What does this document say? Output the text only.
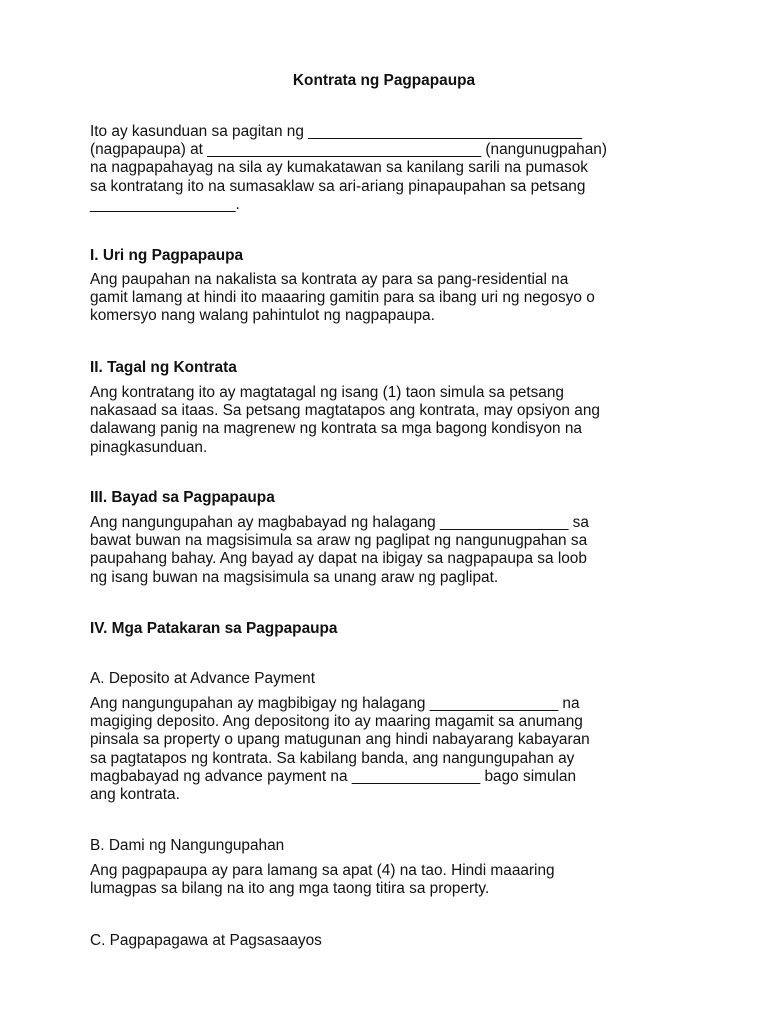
Kontrata ng Pagpapaupa
Ito ay kasunduan sa pagitan ng ________________________________
(nagpapaupa) at ________________________________ (nangunugpahan)
na nagpapahayag na sila ay kumakatawan sa kanilang sarili na pumasok
sa kontratang ito na sumasaklaw sa ari-ariang pinapaupahan sa petsang
_________________.
I. Uri ng Pagpapaupa
Ang paupahan na nakalista sa kontrata ay para sa pang-residential na
gamit lamang at hindi ito maaaring gamitin para sa ibang uri ng negosyo o
komersyo nang walang pahintulot ng nagpapaupa.
II. Tagal ng Kontrata
Ang kontratang ito ay magtatagal ng isang (1) taon simula sa petsang
nakasaad sa itaas. Sa petsang magtatapos ang kontrata, may opsiyon ang
dalawang panig na magrenew ng kontrata sa mga bagong kondisyon na
pinagkasunduan.
III. Bayad sa Pagpapaupa
Ang nangungupahan ay magbabayad ng halagang _______________ sa
bawat buwan na magsisimula sa araw ng paglipat ng nangunugpahan sa
paupahang bahay. Ang bayad ay dapat na ibigay sa nagpapaupa sa loob
ng isang buwan na magsisimula sa unang araw ng paglipat.
IV. Mga Patakaran sa Pagpapaupa
A. Deposito at Advance Payment
Ang nangungupahan ay magbibigay ng halagang _______________ na
magiging deposito. Ang depositong ito ay maaring magamit sa anumang
pinsala sa property o upang matugunan ang hindi nabayarang kabayaran
sa pagtatapos ng kontrata. Sa kabilang banda, ang nangungupahan ay
magbabayad ng advance payment na _______________ bago simulan
ang kontrata.
B. Dami ng Nangungupahan
Ang pagpapaupa ay para lamang sa apat (4) na tao. Hindi maaaring
lumagpas sa bilang na ito ang mga taong titira sa property.
C. Pagpapagawa at Pagsasaayos
